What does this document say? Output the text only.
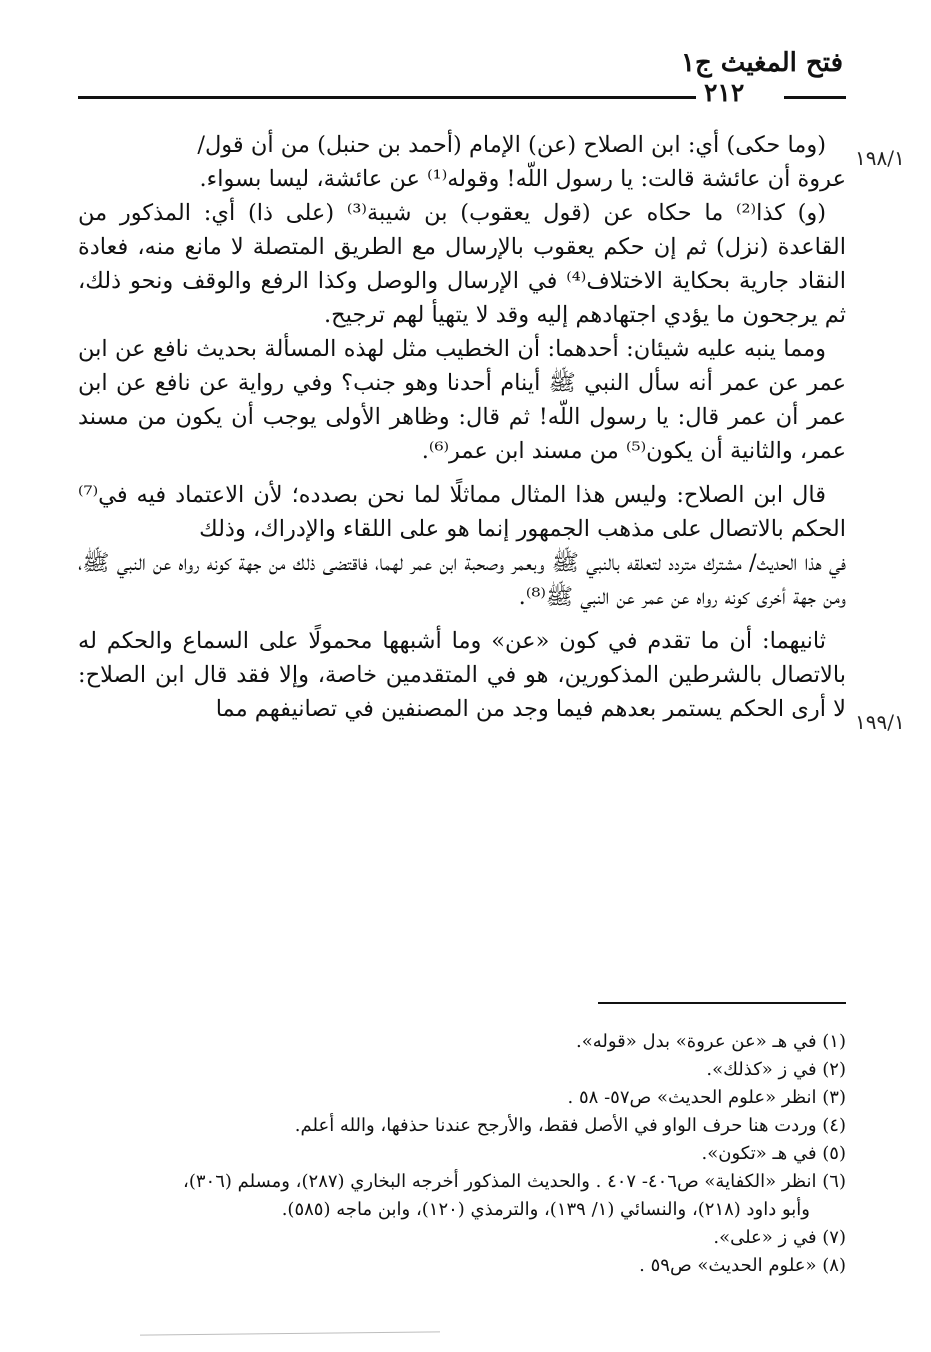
فتح المغيث ج١
٢١٢
١٩٨/١
١٩٩/١

(وما حكى) أي: ابن الصلاح (عن) الإمام (أحمد بن حنبل) من أن قول/

عروة أن عائشة قالت: يا رسول اللّه! وقوله⁽¹⁾ عن عائشة، ليسا بسواء.

(و) كذا⁽²⁾ ما حكاه عن (قول يعقوب) بن شيبة⁽³⁾ (على ذا) أي: المذكور من القاعدة (نزل) ثم إن حكم يعقوب بالإرسال مع الطريق المتصلة لا مانع منه، فعادة النقاد جارية بحكاية الاختلاف⁽⁴⁾ في الإرسال والوصل وكذا الرفع والوقف ونحو ذلك، ثم يرجحون ما يؤدي اجتهادهم إليه وقد لا يتهيأ لهم ترجيح.

ومما ينبه عليه شيئان: أحدهما: أن الخطيب مثل لهذه المسألة بحديث نافع عن ابن عمر عن عمر أنه سأل النبي ﷺ أينام أحدنا وهو جنب؟ وفي رواية عن نافع عن ابن عمر أن عمر قال: يا رسول اللّه! ثم قال: وظاهر الأولى يوجب أن يكون من مسند عمر، والثانية أن يكون⁽⁵⁾ من مسند ابن عمر⁽⁶⁾.

قال ابن الصلاح: وليس هذا المثال مماثلًا لما نحن بصدده؛ لأن الاعتماد فيه في⁽⁷⁾ الحكم بالاتصال على مذهب الجمهور إنما هو على اللقاء والإدراك، وذلك

في هذا الحديث/ مشترك متردد لتعلقه بالنبي ﷺ وبعمر وصحبة ابن عمر لهما، فاقتضى ذلك من جهة كونه رواه عن النبي ﷺ، ومن جهة أخرى كونه رواه عن عمر عن النبي ﷺ⁽⁸⁾.

ثانيهما: أن ما تقدم في كون «عن» وما أشبهها محمولًا على السماع والحكم له بالاتصال بالشرطين المذكورين، هو في المتقدمين خاصة، وإلا فقد قال ابن الصلاح: لا أرى الحكم يستمر بعدهم فيما وجد من المصنفين في تصانيفهم مما

(١) في هـ «عن عروة» بدل «قوله».
(٢) في ز «كذلك».
(٣) انظر «علوم الحديث» ص٥٧- ٥٨ .
(٤) وردت هنا حرف الواو في الأصل فقط، والأرجح عندنا حذفها، والله أعلم.
(٥) في هـ «تكون».
(٦) انظر «الكفاية» ص٤٠٦- ٤٠٧ . والحديث المذكور أخرجه البخاري (٢٨٧)، ومسلم (٣٠٦)،
وأبو داود (٢١٨)، والنسائي (١/ ١٣٩)، والترمذي (١٢٠)، وابن ماجه (٥٨٥).
(٧) في ز «على».
(٨) «علوم الحديث» ص٥٩ .
